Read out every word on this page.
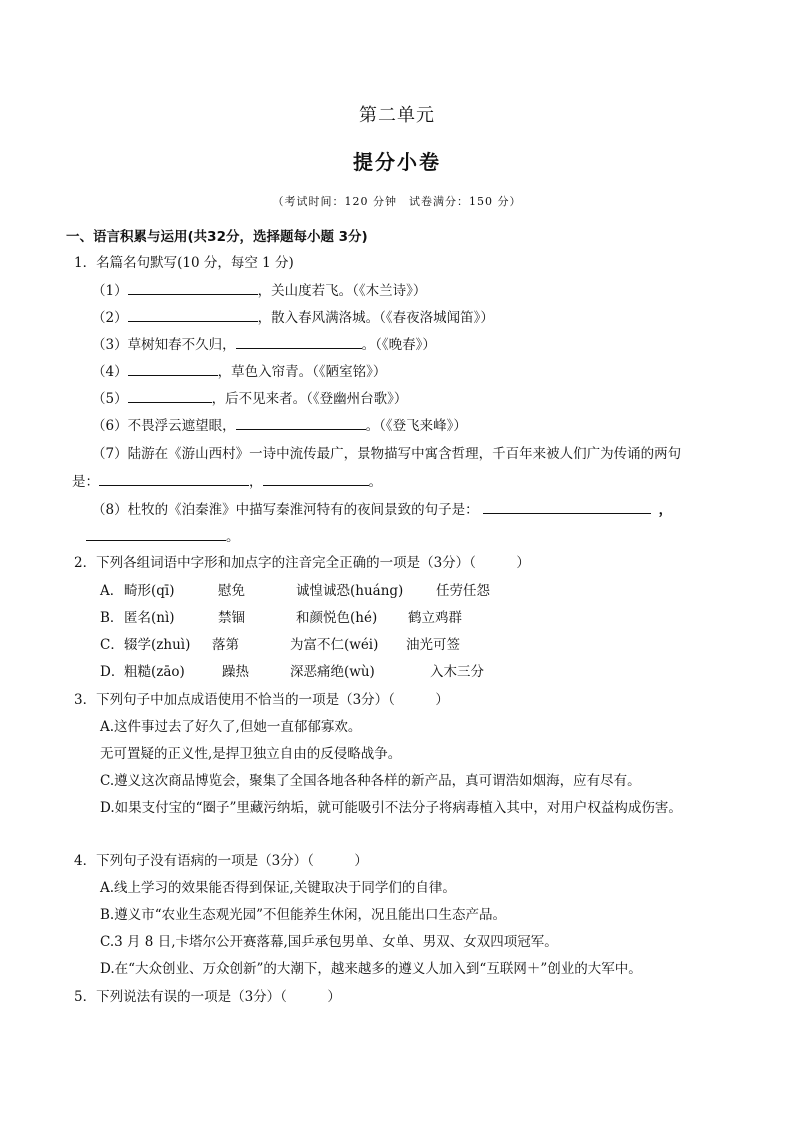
第二单元
提分小卷
（考试时间：120 分钟　试卷满分：150 分）
一、语言积累与运用(共32分，选择题每小题 3分)
1．名篇名句默写(10 分，每空 1 分)
（1）	，关山度若飞。（《木兰诗》）
（2）	，散入春风满洛城。（《春夜洛城闻笛》）
（3）草树知春不久归，	。（《晚春》）
（4）	，草色入帘青。（《陋室铭》）
（5）	，后不见来者。（《登幽州台歌》）
（6）不畏浮云遮望眼，	。（《登飞来峰》）
（7）陆游在《游山西村》一诗中流传最广，景物描写中寓含哲理，千百年来被人们广为传诵的两句
是：	，	。
（8）杜牧的《泊秦淮》中描写秦淮河特有的夜间景致的句子是：	，
。
2．下列各组词语中字形和加点字的注音完全正确的一项是（3分）（　　　）
A．畸形(qī)	慰免	诚惶诚恐(huáng) 任劳任怨
B．匿名(nì)	禁锢	和颜悦色(hé) 鹤立鸡群
C．辍学(zhuì) 落第	为富不仁(wéi) 油光可签
D．粗糙(zāo)	躁热	深恶痛绝(wù)	入木三分
3．下列句子中加点成语使用不恰当的一项是（3分）（　　　）
A.这件事过去了好久了,但她一直郁郁寡欢。
无可置疑的正义性,是捍卫独立自由的反侵略战争。
C.遵义这次商品博览会，聚集了全国各地各种各样的新产品，真可谓浩如烟海，应有尽有。
D.如果支付宝的“圈子”里藏污纳垢，就可能吸引不法分子将病毒植入其中，对用户权益构成伤害。
4．下列句子没有语病的一项是（3分）（　　　）
A.线上学习的效果能否得到保证,关键取决于同学们的自律。
B.遵义市“农业生态观光园”不但能养生休闲，况且能出口生态产品。
C.3 月 8 日,卡塔尔公开赛落幕,国乒承包男单、女单、男双、女双四项冠军。
D.在“大众创业、万众创新”的大潮下，越来越多的遵义人加入到“互联网＋”创业的大军中。
5．下列说法有误的一项是（3分）（　　　）
